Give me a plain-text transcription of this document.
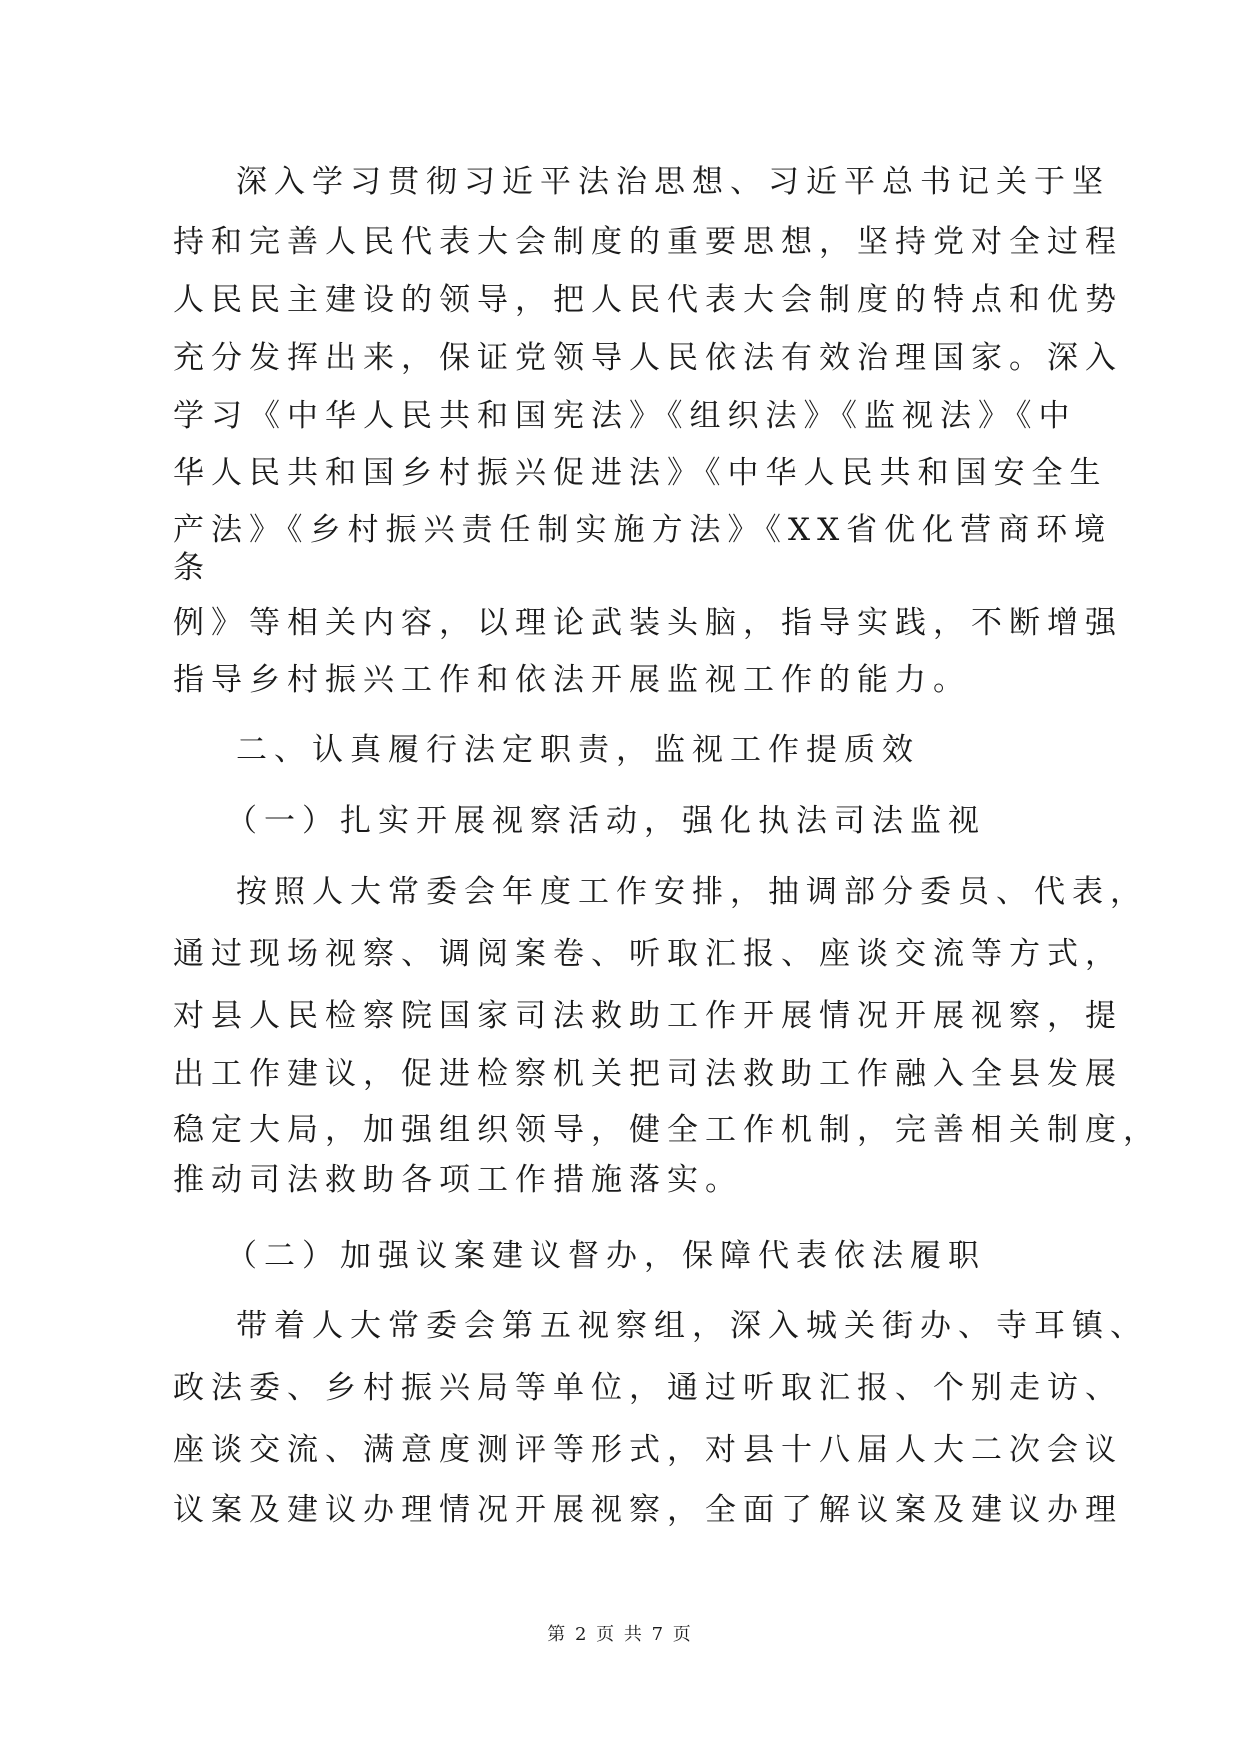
深入学习贯彻习近平法治思想、习近平总书记关于坚
持和完善人民代表大会制度的重要思想，坚持党对全过程
人民民主建设的领导，把人民代表大会制度的特点和优势
充分发挥出来，保证党领导人民依法有效治理国家。深入
学习《中华人民共和国宪法》《组织法》《监视法》《中
华人民共和国乡村振兴促进法》《中华人民共和国安全生
产法》《乡村振兴责任制实施方法》《XX省优化营商环境
条
例》等相关内容，以理论武装头脑，指导实践，不断增强
指导乡村振兴工作和依法开展监视工作的能力。
二、认真履行法定职责，监视工作提质效
（一）扎实开展视察活动，强化执法司法监视
按照人大常委会年度工作安排，抽调部分委员、代表，
通过现场视察、调阅案卷、听取汇报、座谈交流等方式，
对县人民检察院国家司法救助工作开展情况开展视察，提
出工作建议，促进检察机关把司法救助工作融入全县发展
稳定大局，加强组织领导，健全工作机制，完善相关制度，
推动司法救助各项工作措施落实。
（二）加强议案建议督办，保障代表依法履职
带着人大常委会第五视察组，深入城关街办、寺耳镇、
政法委、乡村振兴局等单位，通过听取汇报、个别走访、
座谈交流、满意度测评等形式，对县十八届人大二次会议
议案及建议办理情况开展视察，全面了解议案及建议办理
第 2 页 共 7 页
